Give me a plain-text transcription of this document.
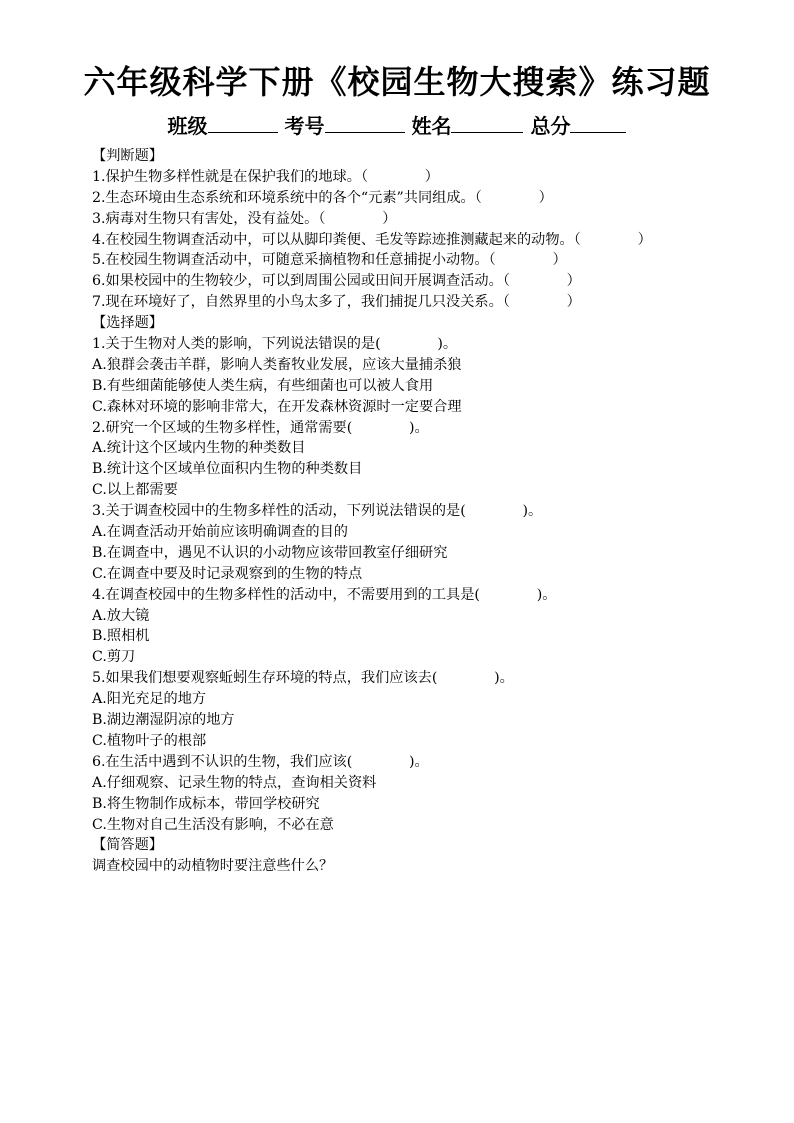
六年级科学下册《校园生物大搜索》练习题
班级	考号	姓名	总分
【判断题】
1.保护生物多样性就是在保护我们的地球。（　　　　）
2.生态环境由生态系统和环境系统中的各个“元素”共同组成。（　　　　）
3.病毒对生物只有害处，没有益处。（　　　　）
4.在校园生物调查活动中，可以从脚印粪便、毛发等踪迹推测藏起来的动物。（　　　　）
5.在校园生物调查活动中，可随意采摘植物和任意捕捉小动物。（　　　　）
6.如果校园中的生物较少，可以到周围公园或田间开展调查活动。（　　　　）
7.现在环境好了，自然界里的小鸟太多了，我们捕捉几只没关系。（　　　　）
【选择题】
1.关于生物对人类的影响，下列说法错误的是(　　　　)。
A.狼群会袭击羊群，影响人类畜牧业发展，应该大量捕杀狼
B.有些细菌能够使人类生病，有些细菌也可以被人食用
C.森林对环境的影响非常大，在开发森林资源时一定要合理
2.研究一个区域的生物多样性，通常需要(　　　　)。
A.统计这个区域内生物的种类数目
B.统计这个区域单位面积内生物的种类数目
C.以上都需要
3.关于调查校园中的生物多样性的活动，下列说法错误的是(　　　　)。
A.在调查活动开始前应该明确调查的目的
B.在调查中，遇见不认识的小动物应该带回教室仔细研究
C.在调查中要及时记录观察到的生物的特点
4.在调查校园中的生物多样性的活动中，不需要用到的工具是(　　　　)。
A.放大镜
B.照相机
C.剪刀
5.如果我们想要观察蚯蚓生存环境的特点，我们应该去(　　　　)。
A.阳光充足的地方
B.湖边潮湿阴凉的地方
C.植物叶子的根部
6.在生活中遇到不认识的生物，我们应该(　　　　)。
A.仔细观察、记录生物的特点，查询相关资料
B.将生物制作成标本，带回学校研究
C.生物对自己生活没有影响，不必在意
【简答题】
调查校园中的动植物时要注意些什么？
